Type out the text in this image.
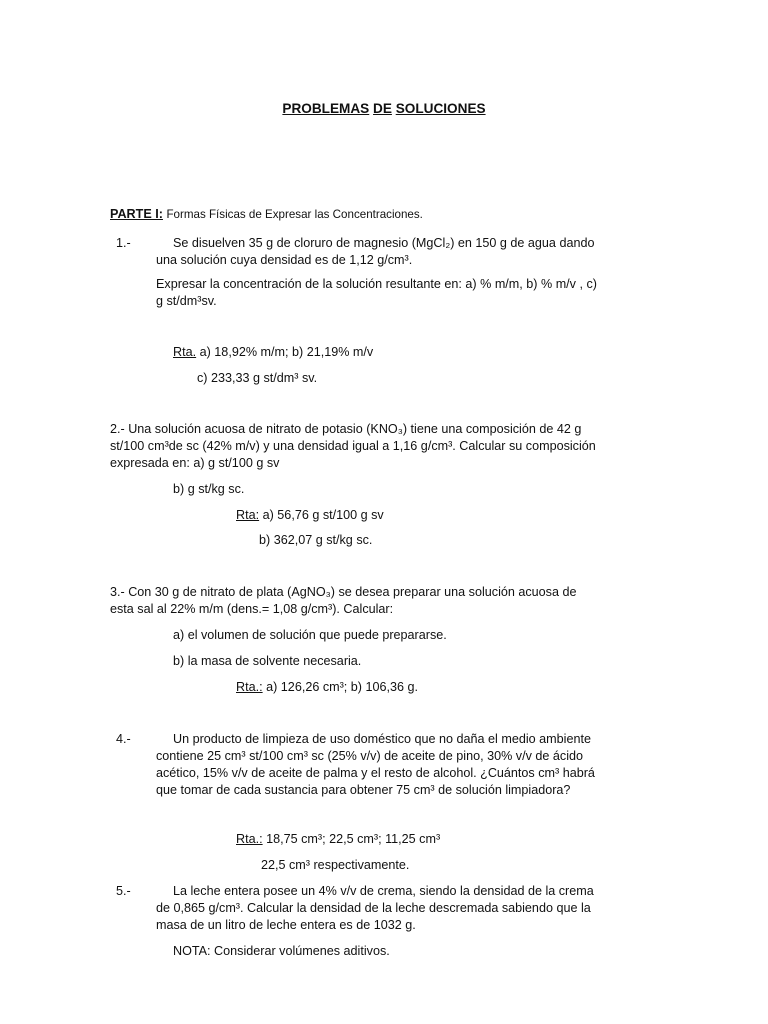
PROBLEMAS DE SOLUCIONES
PARTE I: Formas Físicas de Expresar las Concentraciones.
1.-	Se disuelven 35 g de cloruro de magnesio (MgCl₂) en 150 g de agua dando
una solución cuya densidad es de 1,12 g/cm³.
Expresar la concentración de la solución resultante en: a) % m/m, b) % m/v , c)
g st/dm³sv.
Rta. a) 18,92% m/m; b) 21,19% m/v
c) 233,33 g st/dm³ sv.
2.- Una solución acuosa de nitrato de potasio (KNO₃) tiene una composición de 42 g
st/100 cm³de sc (42% m/v) y una densidad igual a 1,16 g/cm³. Calcular su composición
expresada en: a) g st/100 g sv
b) g st/kg sc.
Rta: a) 56,76 g st/100 g sv
b) 362,07 g st/kg sc.
3.- Con 30 g de nitrato de plata (AgNO₃) se desea preparar una solución acuosa de
esta sal al 22% m/m (dens.= 1,08 g/cm³). Calcular:
a) el volumen de solución que puede prepararse.
b) la masa de solvente necesaria.
Rta.: a) 126,26 cm³; b) 106,36 g.
4.-	Un producto de limpieza de uso doméstico que no daña el medio ambiente
contiene 25 cm³ st/100 cm³ sc (25% v/v) de aceite de pino, 30% v/v de ácido
acético, 15% v/v de aceite de palma y el resto de alcohol. ¿Cuántos cm³ habrá
que tomar de cada sustancia para obtener 75 cm³ de solución limpiadora?
Rta.: 18,75 cm³; 22,5 cm³; 11,25 cm³
22,5 cm³ respectivamente.
5.-	La leche entera posee un 4% v/v de crema, siendo la densidad de la crema
de 0,865 g/cm³. Calcular la densidad de la leche descremada sabiendo que la
masa de un litro de leche entera es de 1032 g.
NOTA: Considerar volúmenes aditivos.
